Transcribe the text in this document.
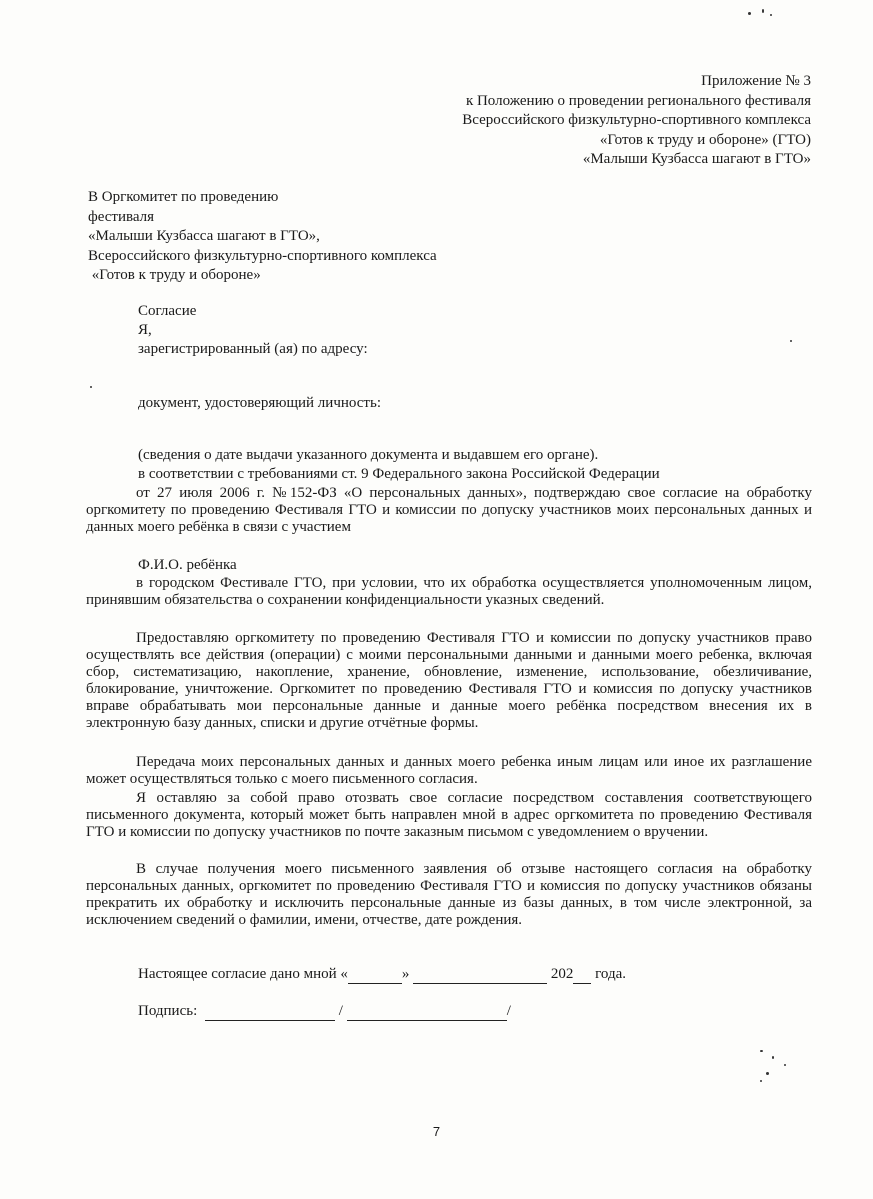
Приложение № 3
к Положению о проведении регионального фестиваля
Всероссийского физкультурно-спортивного комплекса
«Готов к труду и обороне» (ГТО)
«Малыши Кузбасса шагают в ГТО»
В Оргкомитет по проведению
фестиваля
«Малыши Кузбасса шагают в ГТО»,
Всероссийского физкультурно-спортивного комплекса
«Готов к труду и обороне»
Согласие
Я,
зарегистрированный (ая) по адресу:
документ, удостоверяющий личность:
(сведения о дате выдачи указанного документа и выдавшем его органе).
в соответствии с требованиями ст. 9 Федерального закона Российской Федерации
от 27 июля 2006 г. №152-ФЗ «О персональных данных», подтверждаю свое согласие на обработку оргкомитету по проведению Фестиваля ГТО и комиссии по допуску участников моих персональных данных и данных моего ребёнка в связи с участием
Ф.И.О. ребёнка
в городском Фестивале ГТО, при условии, что их обработка осуществляется уполномоченным лицом, принявшим обязательства о сохранении конфиденциальности указных сведений.
Предоставляю оргкомитету по проведению Фестиваля ГТО и комиссии по допуску участников право осуществлять все действия (операции) с моими персональными данными и данными моего ребенка, включая сбор, систематизацию, накопление, хранение, обновление, изменение, использование, обезличивание, блокирование, уничтожение. Оргкомитет по проведению Фестиваля ГТО и комиссия по допуску участников вправе обрабатывать мои персональные данные и данные моего ребёнка посредством внесения их в электронную базу данных, списки и другие отчётные формы.
Передача моих персональных данных и данных моего ребенка иным лицам или иное их разглашение может осуществляться только с моего письменного согласия.
Я оставляю за собой право отозвать свое согласие посредством составления соответствующего письменного документа, который может быть направлен мной в адрес оргкомитета по проведению Фестиваля ГТО и комиссии по допуску участников по почте заказным письмом с уведомлением о вручении.
В случае получения моего письменного заявления об отзыве настоящего согласия на обработку персональных данных, оргкомитет по проведению Фестиваля ГТО и комиссия по допуску участников обязаны прекратить их обработку и исключить персональные данные из базы данных, в том числе электронной, за исключением сведений о фамилии, имени, отчестве, дате рождения.
Настоящее согласие дано мной «	»	202  года.
Подпись:	/	/
7
